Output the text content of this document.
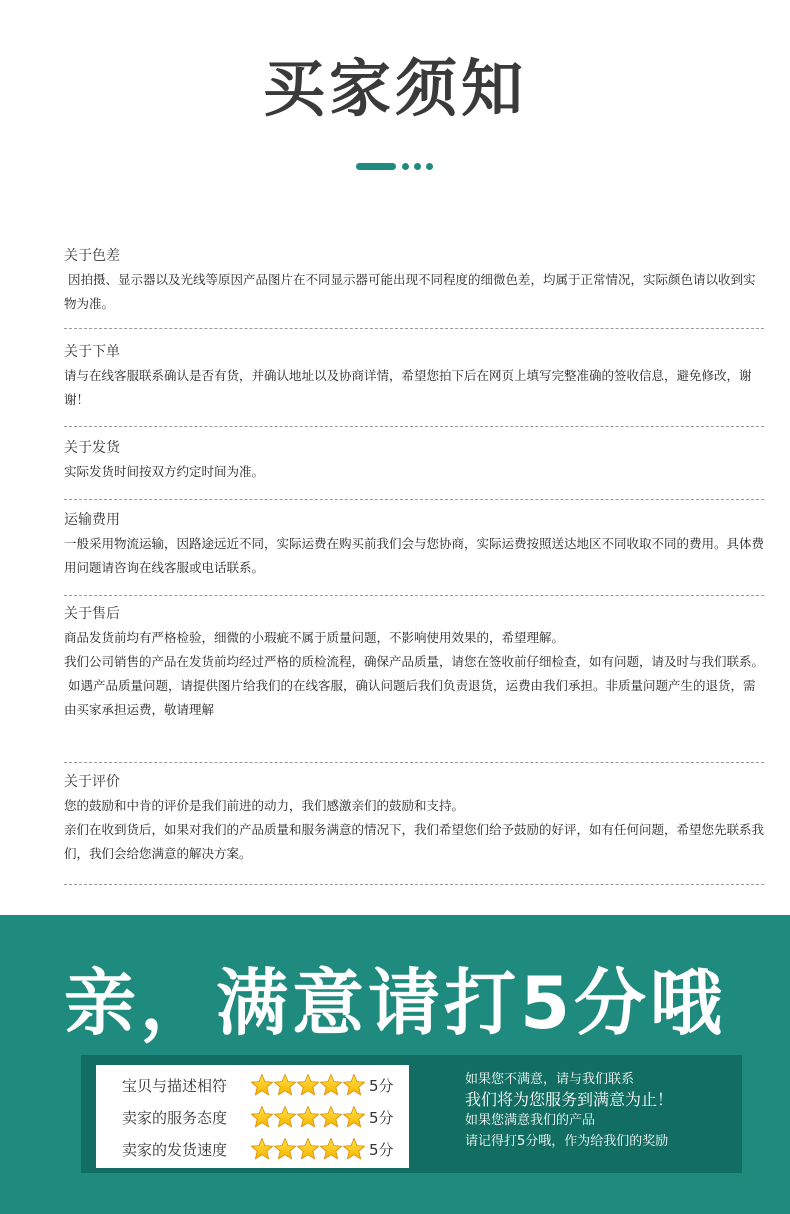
买家须知
关于色差

因拍摄、显示器以及光线等原因产品图片在不同显示器可能出现不同程度的细微色差，均属于正常情况，实际颜色请以收到实物为准。

关于下单

请与在线客服联系确认是否有货，并确认地址以及协商详情，希望您拍下后在网页上填写完整准确的签收信息，避免修改，谢谢！

关于发货

实际发货时间按双方约定时间为准。

运输费用

一般采用物流运输，因路途远近不同，实际运费在购买前我们会与您协商，实际运费按照送达地区不同收取不同的费用。具体费用问题请咨询在线客服或电话联系。

关于售后

商品发货前均有严格检验，细微的小瑕疵不属于质量问题，不影响使用效果的，希望理解。

我们公司销售的产品在发货前均经过严格的质检流程，确保产品质量，请您在签收前仔细检查，如有问题，请及时与我们联系。

如遇产品质量问题，请提供图片给我们的在线客服，确认问题后我们负责退货，运费由我们承担。非质量问题产生的退货，需由买家承担运费，敬请理解

关于评价

您的鼓励和中肯的评价是我们前进的动力，我们感激亲们的鼓励和支持。

亲们在收到货后，如果对我们的产品质量和服务满意的情况下，我们希望您们给予鼓励的好评，如有任何问题，希望您先联系我们，我们会给您满意的解决方案。

亲，满意请打5分哦
宝贝与描述相符	5分
卖家的服务态度	5分
卖家的发货速度	5分
如果您不满意，请与我们联系
我们将为您服务到满意为止！
如果您满意我们的产品
请记得打5分哦，作为给我们的奖励
